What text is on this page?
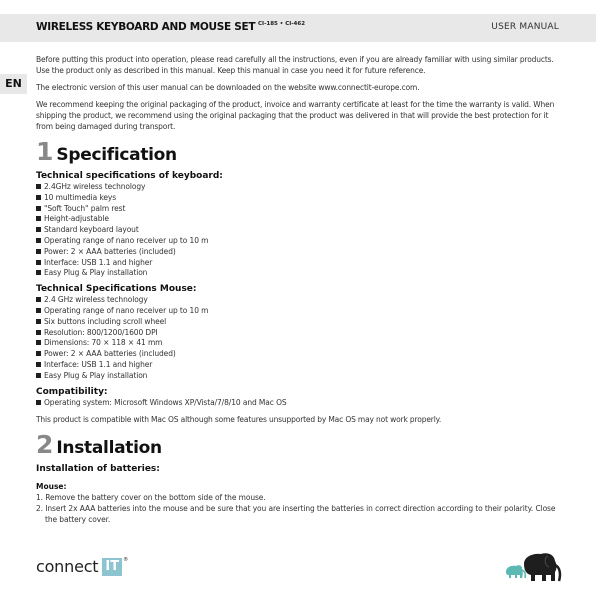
WIRELESS KEYBOARD AND MOUSE SET CI-185 • CI-462	USER MANUAL
EN

Before putting this product into operation, please read carefully all the instructions, even if you are already familiar with using similar products. Use the product only as described in this manual. Keep this manual in case you need it for future reference.

The electronic version of this user manual can be downloaded on the website www.connectit-europe.com.

We recommend keeping the original packaging of the product, invoice and warranty certificate at least for the time the warranty is valid. When shipping the product, we recommend using the original packaging that the product was delivered in that will provide the best protection for it from being damaged during transport.

1 Specification
Technical specifications of keyboard:
2.4GHz wireless technology
10 multimedia keys
"Soft Touch" palm rest
Height-adjustable
Standard keyboard layout
Operating range of nano receiver up to 10 m
Power: 2 × AAA batteries (included)
Interface: USB 1.1 and higher
Easy Plug & Play installation
Technical Specifications Mouse:
2.4 GHz wireless technology
Operating range of nano receiver up to 10 m
Six buttons including scroll wheel
Resolution: 800/1200/1600 DPI
Dimensions: 70 × 118 × 41 mm
Power: 2 × AAA batteries (included)
Interface: USB 1.1 and higher
Easy Plug & Play installation
Compatibility:
Operating system: Microsoft Windows XP/Vista/7/8/10 and Mac OS

This product is compatible with Mac OS although some features unsupported by Mac OS may not work properly.

2 Installation
Installation of batteries:
Mouse:
1. Remove the battery cover on the bottom side of the mouse.
2. Insert 2x AAA batteries into the mouse and be sure that you are inserting the batteries in correct direction according to their polarity. Close the battery cover.
connect IT ®
